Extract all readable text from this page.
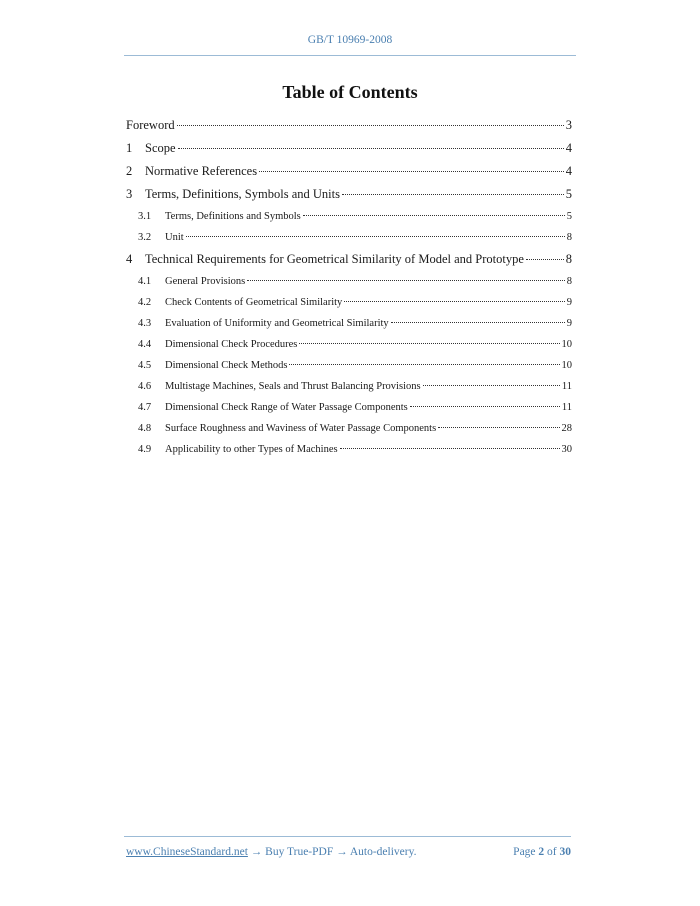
GB/T 10969-2008
Table of Contents
Foreword	3
1	Scope	4
2	Normative References	4
3	Terms, Definitions, Symbols and Units	5
3.1	Terms, Definitions and Symbols	5
3.2	Unit	8
4	Technical Requirements for Geometrical Similarity of Model and Prototype	8
4.1	General Provisions	8
4.2	Check Contents of Geometrical Similarity	9
4.3	Evaluation of Uniformity and Geometrical Similarity	9
4.4	Dimensional Check Procedures	10
4.5	Dimensional Check Methods	10
4.6	Multistage Machines, Seals and Thrust Balancing Provisions	11
4.7	Dimensional Check Range of Water Passage Components	11
4.8	Surface Roughness and Waviness of Water Passage Components	28
4.9	Applicability to other Types of Machines	30
www.ChineseStandard.net → Buy True-PDF → Auto-delivery.	Page 2 of 30
